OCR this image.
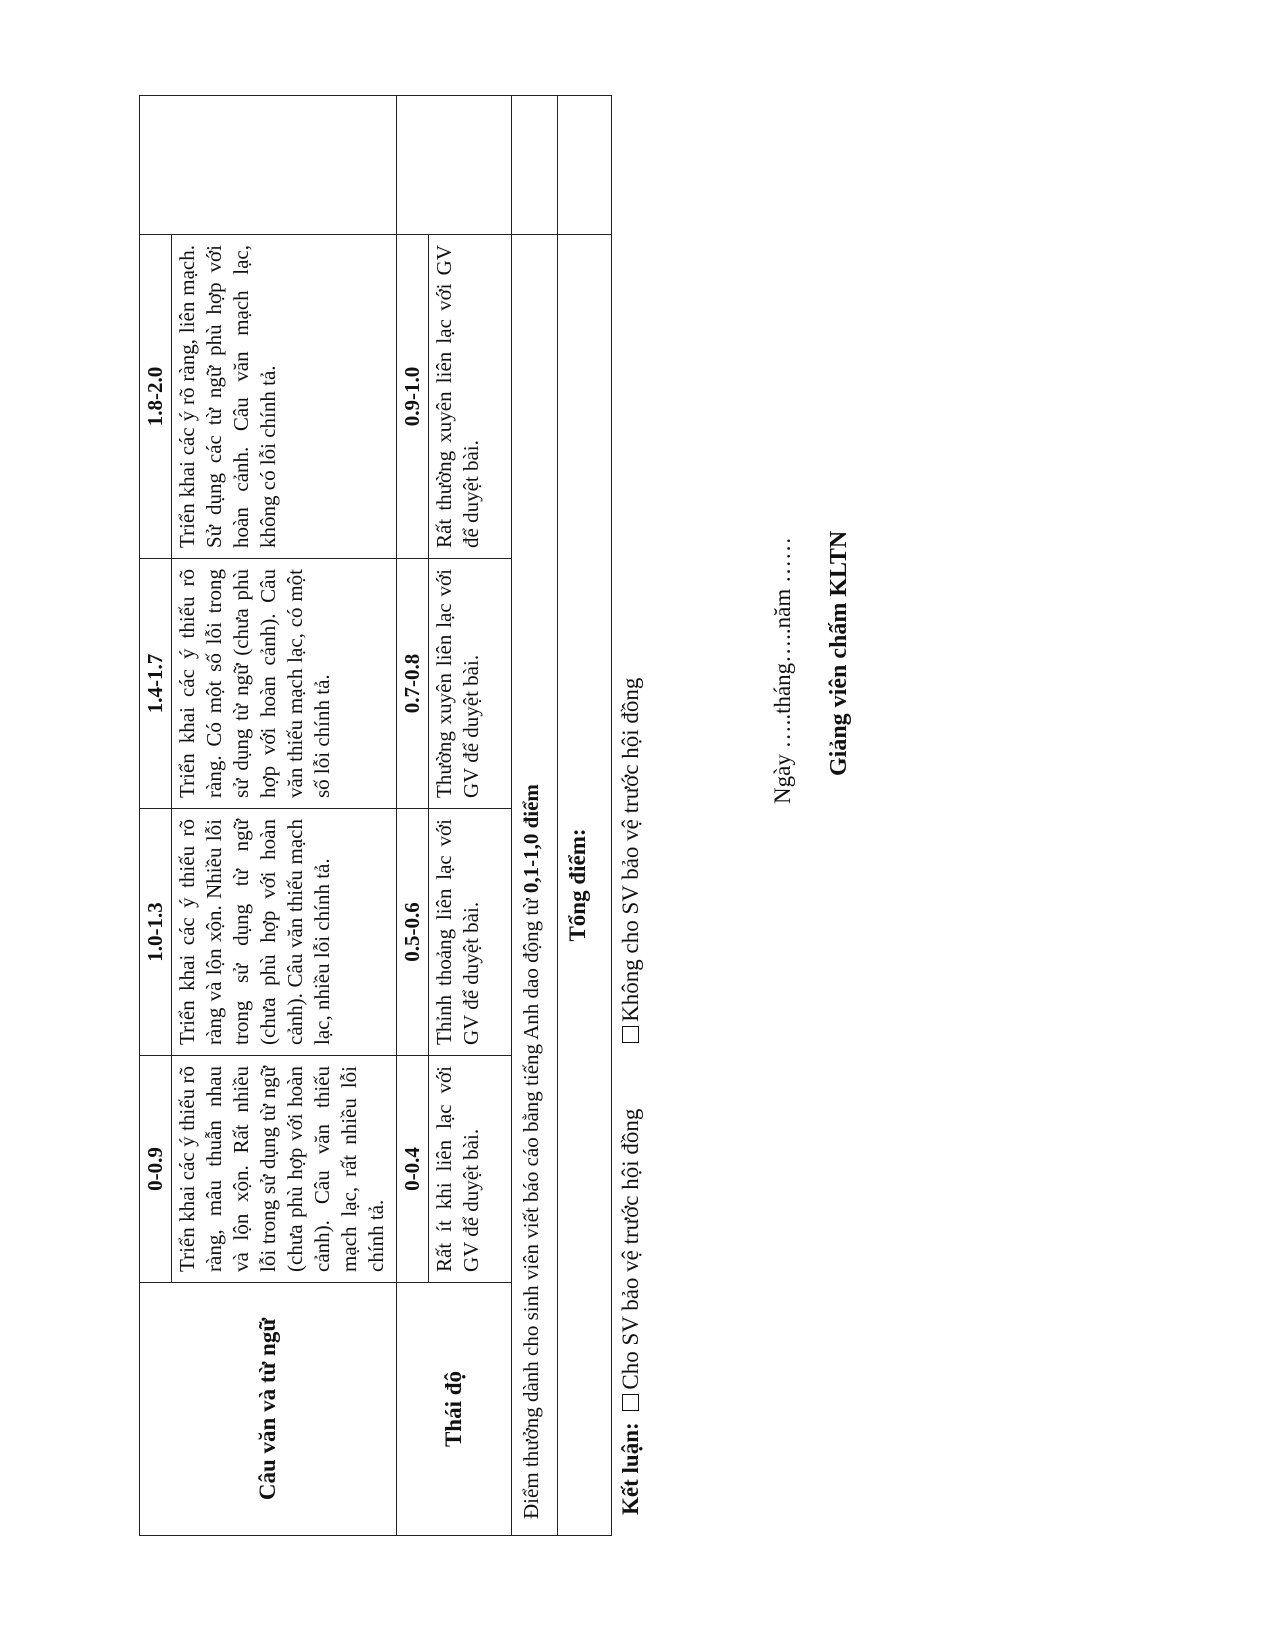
Câu văn và từ ngữ	0-0.9 Triển khai các ý thiếu rõ ràng, mâu thuẫn nhau và lộn xộn. Rất nhiều lỗi trong sử dụng từ ngữ (chưa phù hợp với hoàn cảnh). Câu văn thiếu mạch lạc, rất nhiều lỗi chính tả.	1.0-1.3 Triển khai các ý thiếu rõ ràng và lộn xộn. Nhiều lỗi trong sử dụng từ ngữ (chưa phù hợp với hoàn cảnh). Câu văn thiếu mạch lạc, nhiều lỗi chính tả.	1.4-1.7 Triển khai các ý thiếu rõ ràng. Có một số lỗi trong sử dụng từ ngữ (chưa phù hợp với hoàn cảnh). Câu văn thiếu mạch lạc, có một số lỗi chính tả.	1.8-2.0 Triển khai các ý rõ ràng, liên mạch. Sử dụng các từ ngữ phù hợp với hoàn cảnh. Câu văn mạch lạc, không có lỗi chính tả.	

Thái độ	0-0.4 Rất ít khi liên lạc với GV để duyệt bài.	0.5-0.6 Thỉnh thoảng liên lạc với GV để duyệt bài.	0.7-0.8 Thường xuyên liên lạc với GV để duyệt bài.	0.9-1.0 Rất thường xuyên liên lạc với GV để duyệt bài.	

Điểm thưởng dành cho sinh viên viết báo cáo bằng tiếng Anh dao động từ 0,1-1,0 điểm					
Tổng điểm:					
Kết luận: Cho SV bảo vệ trước hội đồng Không cho SV bảo vệ trước hội đồng
Ngày …..tháng…..năm …… Giảng viên chấm KLTN
